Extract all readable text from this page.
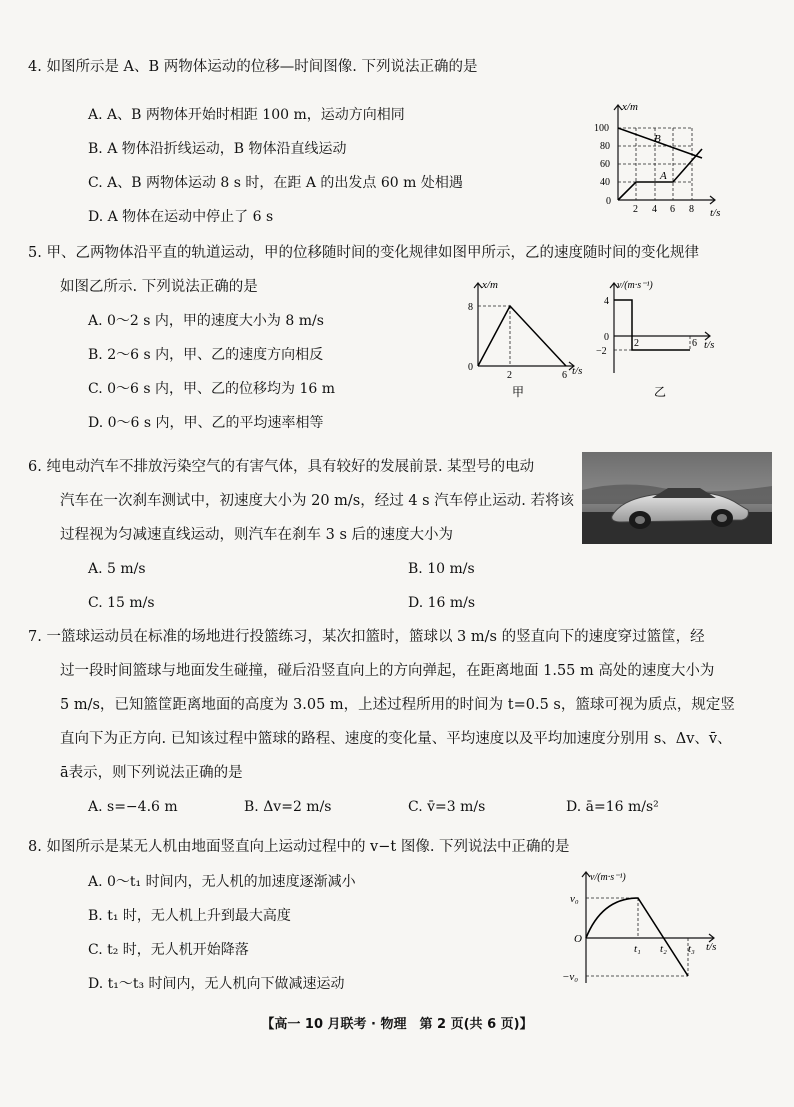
4. 如图所示是 A、B 两物体运动的位移—时间图像. 下列说法正确的是
A. A、B 两物体开始时相距 100 m，运动方向相同
B. A 物体沿折线运动，B 物体沿直线运动
C. A、B 两物体运动 8 s 时，在距 A 的出发点 60 m 处相遇
D. A 物体在运动中停止了 6 s
x/m
t/s
100
80
60
40
0
2 4 6 8
B
A
5. 甲、乙两物体沿平直的轨道运动，甲的位移随时间的变化规律如图甲所示，乙的速度随时间的变化规律
如图乙所示. 下列说法正确的是
A. 0～2 s 内，甲的速度大小为 8 m/s
B. 2～6 s 内，甲、乙的速度方向相反
C. 0～6 s 内，甲、乙的位移均为 16 m
D. 0～6 s 内，甲、乙的平均速率相等
x/m
t/s
8
0
2	6
甲
v/(m·s⁻¹)
t/s
4
0
−2
2	6
乙
6. 纯电动汽车不排放污染空气的有害气体，具有较好的发展前景. 某型号的电动
汽车在一次刹车测试中，初速度大小为 20 m/s，经过 4 s 汽车停止运动. 若将该
过程视为匀减速直线运动，则汽车在刹车 3 s 后的速度大小为
A. 5 m/s	B. 10 m/s
C. 15 m/s	D. 16 m/s
7. 一篮球运动员在标准的场地进行投篮练习，某次扣篮时，篮球以 3 m/s 的竖直向下的速度穿过篮筐，经
过一段时间篮球与地面发生碰撞，碰后沿竖直向上的方向弹起，在距离地面 1.55 m 高处的速度大小为
5 m/s，已知篮筐距离地面的高度为 3.05 m，上述过程所用的时间为 t=0.5 s，篮球可视为质点，规定竖
直向下为正方向. 已知该过程中篮球的路程、速度的变化量、平均速度以及平均加速度分别用 s、Δv、v̄、
ā表示，则下列说法正确的是
A. s=−4.6 m	B. Δv=2 m/s	C. v̄=3 m/s	D. ā=16 m/s²
8. 如图所示是某无人机由地面竖直向上运动过程中的 v−t 图像. 下列说法中正确的是
A. 0～t₁ 时间内，无人机的加速度逐渐减小
B. t₁ 时，无人机上升到最大高度
C. t₂ 时，无人机开始降落
D. t₁～t₃ 时间内，无人机向下做减速运动
v/(m·s⁻¹)
t/s
v₀
O
−v₀
t₁ t₂ t₃
【高一 10 月联考 · 物理　第 2 页(共 6 页)】
